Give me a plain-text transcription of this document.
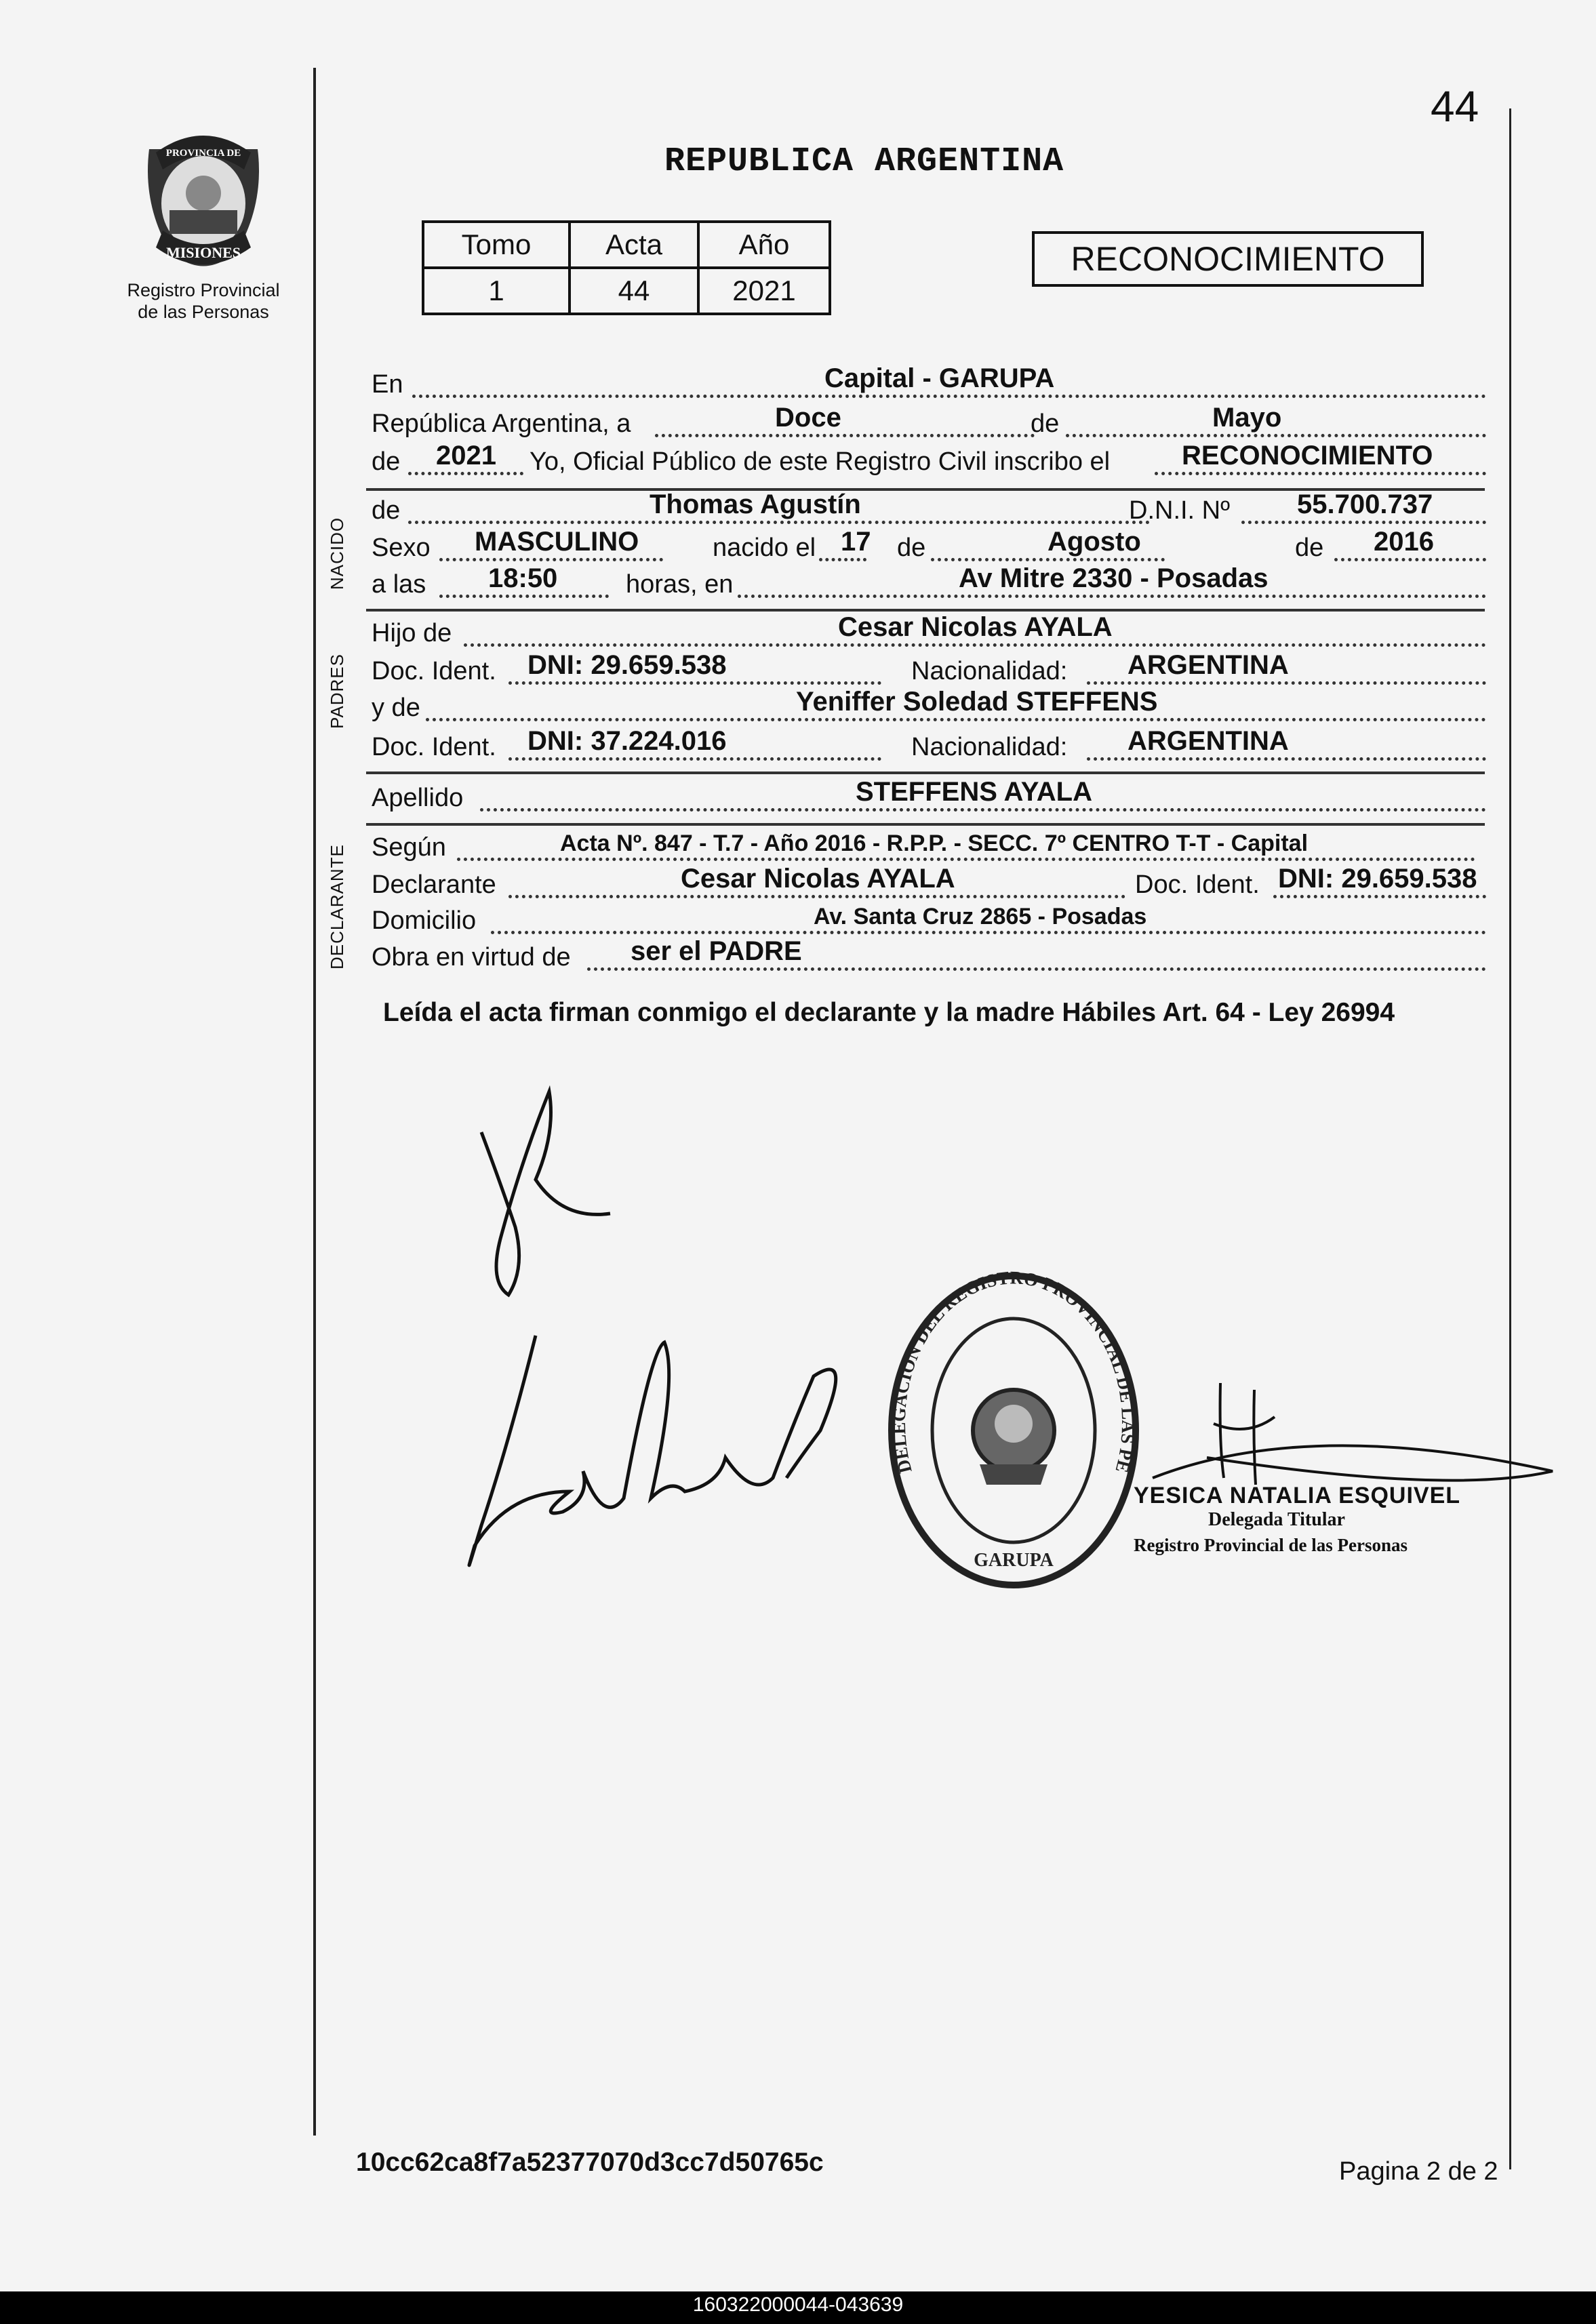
44
REPUBLICA ARGENTINA
PROVINCIA DE
MISIONES
Registro Provincial
de las Personas
Tomo	Acta	Año
1	44	2021
RECONOCIMIENTO
En	Capital - GARUPA
República Argentina, a	Doce	de	Mayo
de 2021 Yo, Oficial Público de este Registro Civil inscribo el	RECONOCIMIENTO
NACIDO
de	Thomas Agustín	D.N.I. Nº 55.700.737
Sexo MASCULINO	nacido el 17 de	Agosto	de 2016
a las 18:50	horas, en	Av Mitre 2330 - Posadas
PADRES
Hijo de	Cesar Nicolas AYALA
Doc. Ident. DNI: 29.659.538	Nacionalidad: ARGENTINA
y de	Yeniffer Soledad STEFFENS
Doc. Ident. DNI: 37.224.016	Nacionalidad: ARGENTINA
Apellido	STEFFENS AYALA
DECLARANTE Según	Acta Nº. 847 - T.7 - Año 2016 - R.P.P. - SECC. 7º CENTRO T-T - Capital
Declarante	Cesar Nicolas AYALA	Doc. Ident. DNI: 29.659.538
Domicilio	Av. Santa Cruz 2865 - Posadas
Obra en virtud de ser el PADRE
Leída el acta firman conmigo el declarante y la madre Hábiles Art. 64 - Ley 26994
DELEGACION DEL REGISTRO PROVINCIAL DE LAS PE
GARUPA
YESICA NATALIA ESQUIVEL
Delegada Titular
Registro Provincial de las Personas
10cc62ca8f7a52377070d3cc7d50765c	Pagina 2 de 2
160322000044-043639
